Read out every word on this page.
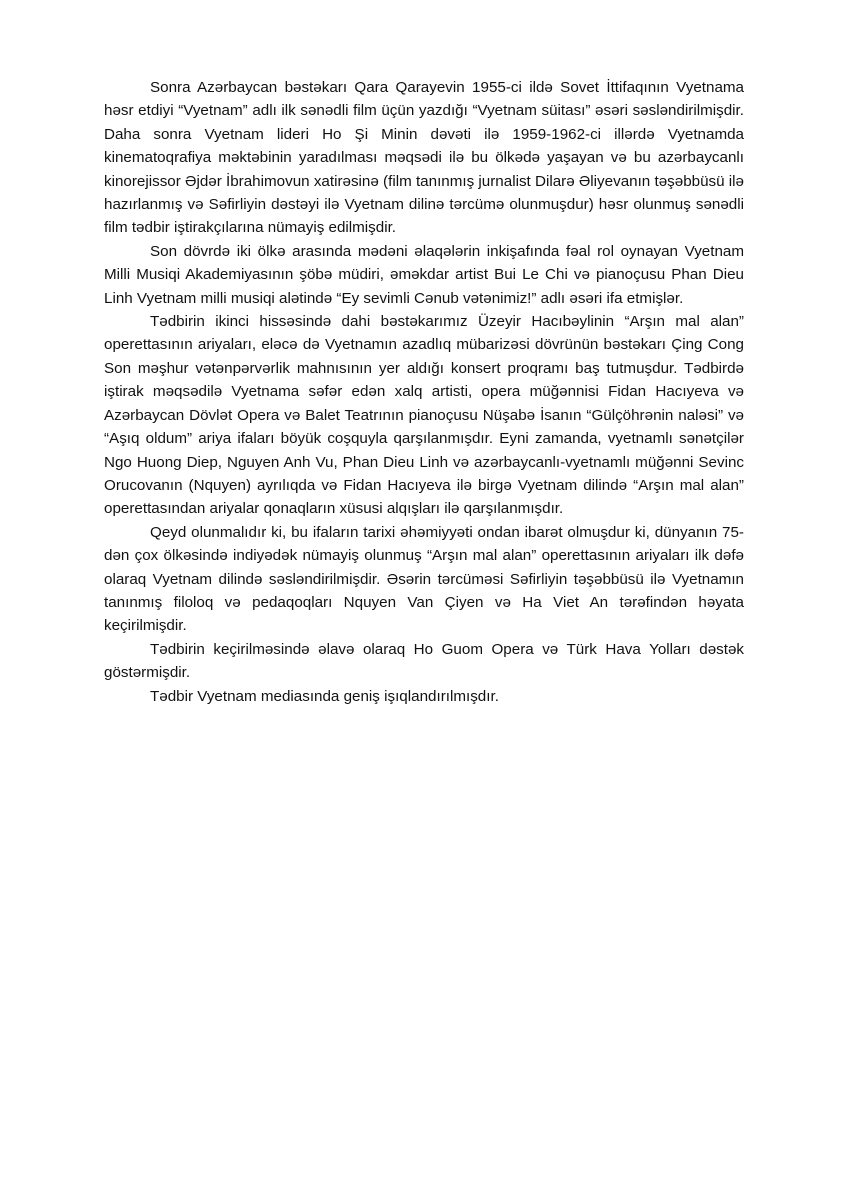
Sonra Azərbaycan bəstəkarı Qara Qarayevin 1955-ci ildə Sovet İttifaqının Vyetnama həsr etdiyi “Vyetnam” adlı ilk sənədli film üçün yazdığı “Vyetnam süitası” əsəri səsləndirilmişdir. Daha sonra Vyetnam lideri Ho Şi Minin dəvəti ilə 1959-1962-ci illərdə Vyetnamda kinematoqrafiya məktəbinin yaradılması məqsədi ilə bu ölkədə yaşayan və bu azərbaycanlı kinorejissor Əjdər İbrahimovun xatirəsinə (film tanınmış jurnalist Dilarə Əliyevanın təşəbbüsü ilə hazırlanmış və Səfirliyin dəstəyi ilə Vyetnam dilinə tərcümə olunmuşdur) həsr olunmuş sənədli film tədbir iştirakçılarına nümayiş edilmişdir.

Son dövrdə iki ölkə arasında mədəni əlaqələrin inkişafında fəal rol oynayan Vyetnam Milli Musiqi Akademiyasının şöbə müdiri, əməkdar artist Bui Le Chi və pianoçusu Phan Dieu Linh Vyetnam milli musiqi alətində “Ey sevimli Cənub vətənimiz!” adlı əsəri ifa etmişlər.

Tədbirin ikinci hissəsində dahi bəstəkarımız Üzeyir Hacıbəylinin “Arşın mal alan” operettasının ariyaları, eləcə də Vyetnamın azadlıq mübarizəsi dövrünün bəstəkarı Çing Cong Son məşhur vətənpərvərlik mahnısının yer aldığı konsert proqramı baş tutmuşdur. Tədbirdə iştirak məqsədilə Vyetnama səfər edən xalq artisti, opera müğənnisi Fidan Hacıyeva və Azərbaycan Dövlət Opera və Balet Teatrının pianoçusu Nüşabə İsanın “Gülçöhrənin naləsi” və “Aşıq oldum” ariya ifaları böyük coşquyla qarşılanmışdır. Eyni zamanda, vyetnamlı sənətçilər Ngo Huong Diep, Nguyen Anh Vu, Phan Dieu Linh və azərbaycanlı-vyetnamlı müğənni Sevinc Orucovanın (Nquyen) ayrılıqda və Fidan Hacıyeva ilə birgə Vyetnam dilində “Arşın mal alan” operettasından ariyalar qonaqların xüsusi alqışları ilə qarşılanmışdır.

Qeyd olunmalıdır ki, bu ifaların tarixi əhəmiyyəti ondan ibarət olmuşdur ki, dünyanın 75-dən çox ölkəsində indiyədək nümayiş olunmuş “Arşın mal alan” operettasının ariyaları ilk dəfə olaraq Vyetnam dilində səsləndirilmişdir. Əsərin tərcüməsi Səfirliyin təşəbbüsü ilə Vyetnamın tanınmış filoloq və pedaqoqları Nquyen Van Çiyen və Ha Viet An tərəfindən həyata keçirilmişdir.

Tədbirin keçirilməsində əlavə olaraq Ho Guom Opera və Türk Hava Yolları dəstək göstərmişdir.

Tədbir Vyetnam mediasında geniş işıqlandırılmışdır.
